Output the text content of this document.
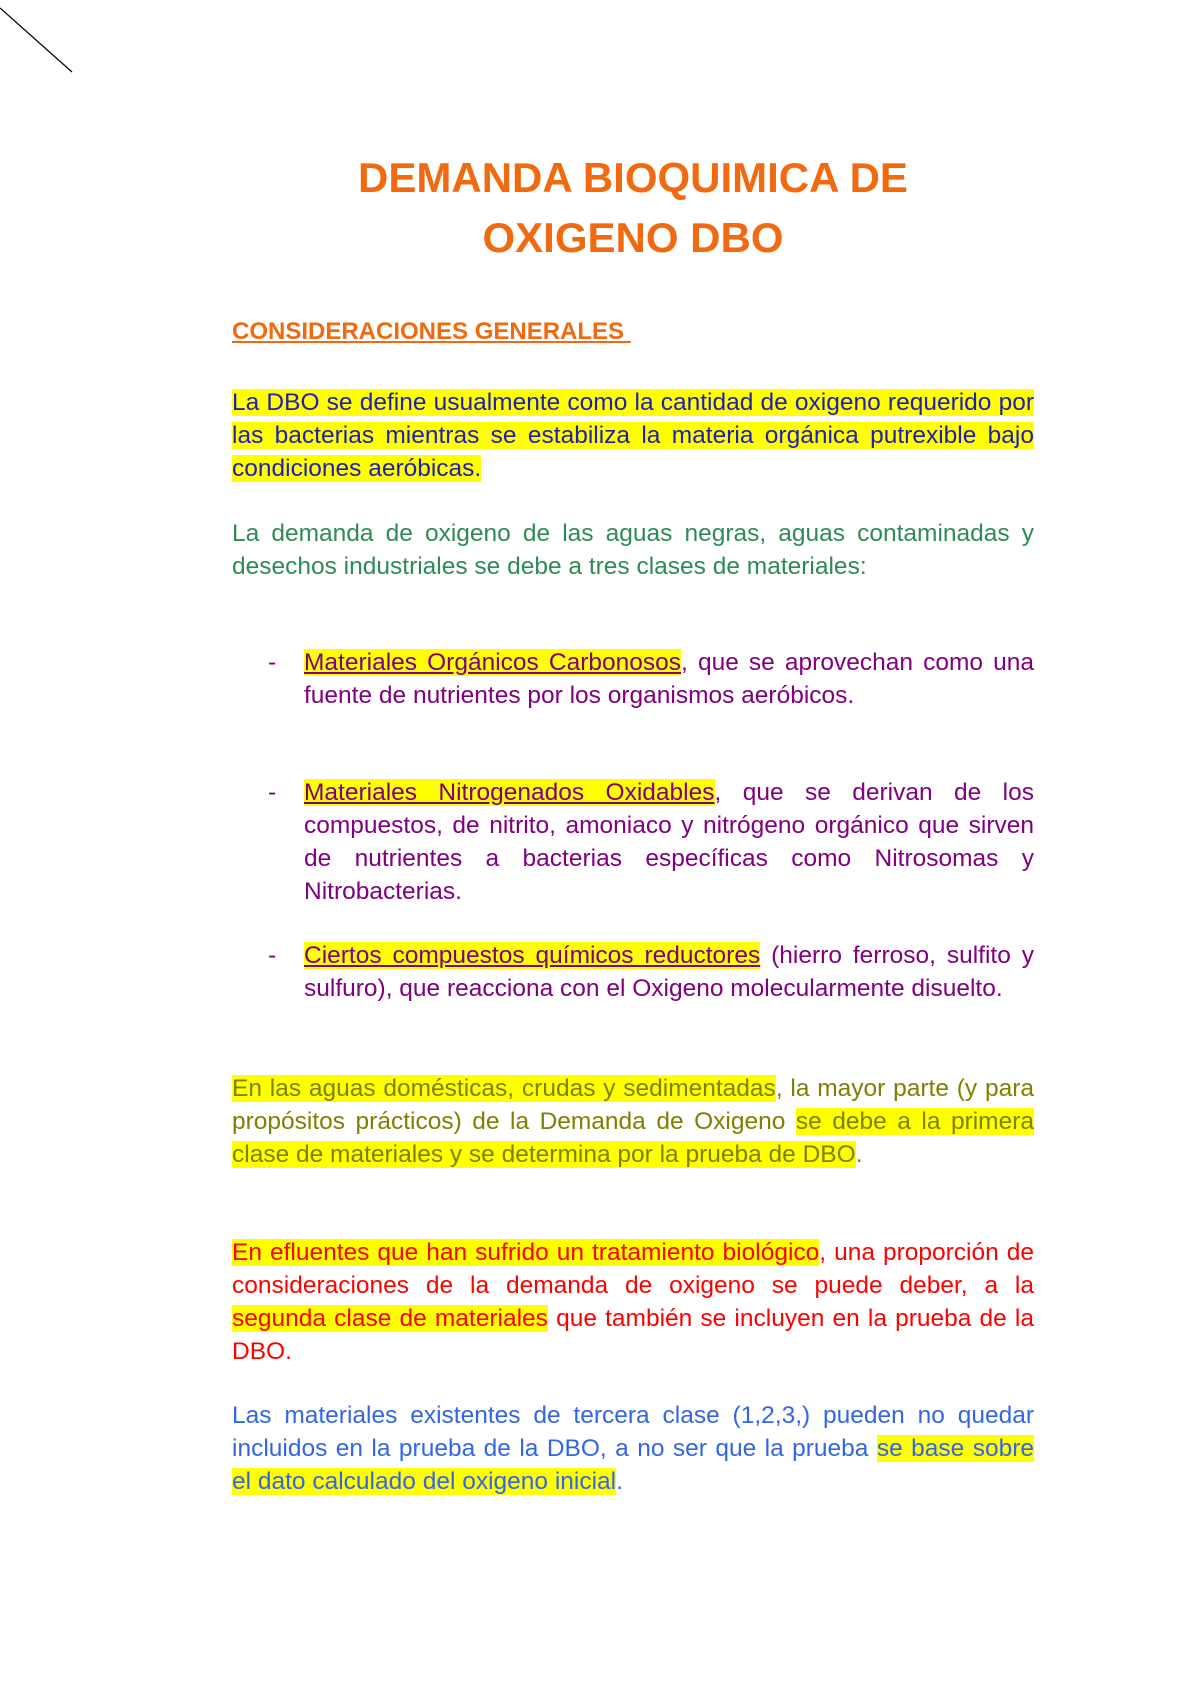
DEMANDA BIOQUIMICA DE
OXIGENO DBO
CONSIDERACIONES GENERALES
La DBO se define usualmente como la cantidad de oxigeno requerido por las bacterias mientras se estabiliza la materia orgánica putrexible bajo condiciones aeróbicas.
La demanda de oxigeno de las aguas negras, aguas contaminadas y desechos industriales se debe a tres clases de materiales:
- Materiales Orgánicos Carbonosos, que se aprovechan como una fuente de nutrientes por los organismos aeróbicos.
- Materiales Nitrogenados Oxidables, que se derivan de los compuestos, de nitrito, amoniaco y nitrógeno orgánico que sirven de nutrientes a bacterias específicas como Nitrosomas y Nitrobacterias.
- Ciertos compuestos químicos reductores (hierro ferroso, sulfito y sulfuro), que reacciona con el Oxigeno molecularmente disuelto.
En las aguas domésticas, crudas y sedimentadas, la mayor parte (y para propósitos prácticos) de la Demanda de Oxigeno se debe a la primera clase de materiales y se determina por la prueba de DBO.
En efluentes que han sufrido un tratamiento biológico, una proporción de consideraciones de la demanda de oxigeno se puede deber, a la segunda clase de materiales que también se incluyen en la prueba de la DBO.
Las materiales existentes de tercera clase (1,2,3,) pueden no quedar incluidos en la prueba de la DBO, a no ser que la prueba se base sobre el dato calculado del oxigeno inicial.
